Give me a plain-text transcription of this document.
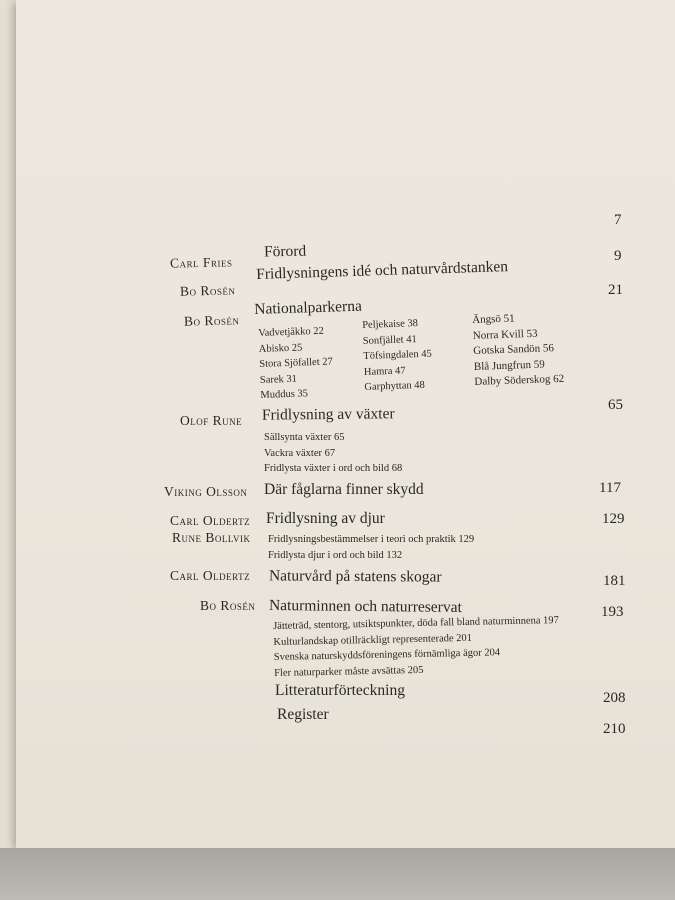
7
Carl Fries
Förord	9
Bo Rosén
Fridlysningens idé och naturvårdstanken
21
Bo Rosén
Nationalparkerna
Vadvetjåkko 22
Abisko 25
Stora Sjöfallet 27
Sarek 31
Muddus 35
Peljekaise 38
Sonfjället 41
Töfsingdalen 45
Hamra 47
Garphyttan 48
Ängsö 51
Norra Kvill 53
Gotska Sandön 56
Blå Jungfrun 59
Dalby Söderskog 62
65
Olof Rune Fridlysning av växter
Sällsynta växter 65
Vackra växter 67
Fridlysta växter i ord och bild 68
117
Viking Olsson Där fåglarna finner skydd
129
Carl Oldertz
Rune Bollvik
Fridlysning av djur
Fridlysningsbestämmelser i teori och praktik 129
Fridlysta djur i ord och bild 132
181
Carl Oldertz Naturvård på statens skogar
193
Bo Rosén Naturminnen och naturreservat
Jätteträd, stentorg, utsiktspunkter, döda fall bland naturminnena 197
Kulturlandskap otillräckligt representerade 201
Svenska naturskyddsföreningens förnämliga ägor 204
Fler naturparker måste avsättas 205
208
Litteraturförteckning
210
Register
